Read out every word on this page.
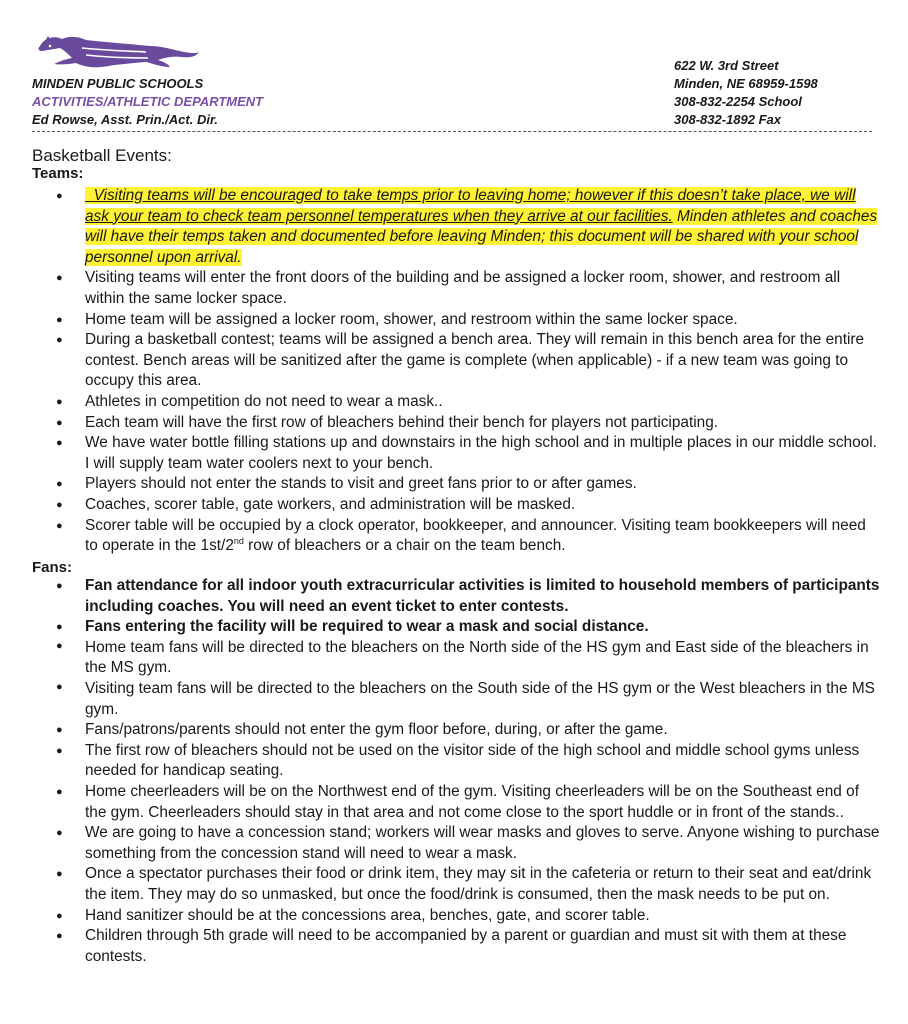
MINDEN PUBLIC SCHOOLS
ACTIVITIES/ATHLETIC DEPARTMENT
Ed Rowse, Asst. Prin./Act. Dir.
622 W. 3rd Street
Minden, NE 68959-1598
308-832-2254 School
308-832-1892 Fax
Basketball Events:
Teams:
●   Visiting teams will be encouraged to take temps prior to leaving home; however if this doesn’t take place, we will ask your team to check team personnel temperatures when they arrive at our facilities. Minden athletes and coaches will have their temps taken and documented before leaving Minden; this document will be shared with your school personnel upon arrival.
● Visiting teams will enter the front doors of the building and be assigned a locker room, shower, and restroom all within the same locker space.
● Home team will be assigned a locker room, shower, and restroom within the same locker space.
● During a basketball contest; teams will be assigned a bench area. They will remain in this bench area for the entire contest. Bench areas will be sanitized after the game is complete (when applicable) - if a new team was going to occupy this area.
● Athletes in competition do not need to wear a mask..
● Each team will have the first row of bleachers behind their bench for players not participating.
● We have water bottle filling stations up and downstairs in the high school and in multiple places in our middle school. I will supply team water coolers next to your bench.
● Players should not enter the stands to visit and greet fans prior to or after games.
● Coaches, scorer table, gate workers, and administration will be masked.
● Scorer table will be occupied by a clock operator, bookkeeper, and announcer. Visiting team bookkeepers will need to operate in the 1st/2nd row of bleachers or a chair on the team bench.
Fans:
● Fan attendance for all indoor youth extracurricular activities is limited to household members of participants including coaches. You will need an event ticket to enter contests.
● Fans entering the facility will be required to wear a mask and social distance.
● Home team fans will be directed to the bleachers on the North side of the HS gym and East side of the bleachers in the MS gym.
● Visiting team fans will be directed to the bleachers on the South side of the HS gym or the West bleachers in the MS gym.
● Fans/patrons/parents should not enter the gym floor before, during, or after the game.
● The first row of bleachers should not be used on the visitor side of the high school and middle school gyms unless needed for handicap seating.
● Home cheerleaders will be on the Northwest end of the gym. Visiting cheerleaders will be on the Southeast end of the gym. Cheerleaders should stay in that area and not come close to the sport huddle or in front of the stands..
● We are going to have a concession stand; workers will wear masks and gloves to serve. Anyone wishing to purchase something from the concession stand will need to wear a mask.
● Once a spectator purchases their food or drink item, they may sit in the cafeteria or return to their seat and eat/drink the item. They may do so unmasked, but once the food/drink is consumed, then the mask needs to be put on.
● Hand sanitizer should be at the concessions area, benches, gate, and scorer table.
● Children through 5th grade will need to be accompanied by a parent or guardian and must sit with them at these contests.
